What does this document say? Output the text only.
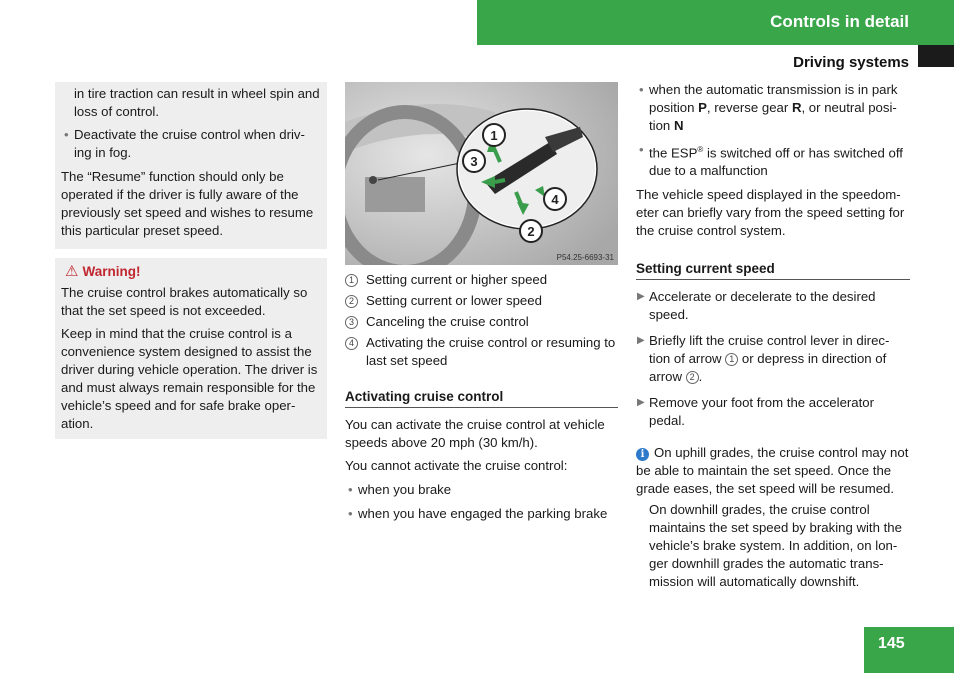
Controls in detail
Driving systems

in tire traction can result in wheel spin and loss of control.

• Deactivate the cruise control when driv-ing in fog.

The “Resume” function should only be operated if the driver is fully aware of the previously set speed and wishes to resume this particular preset speed.

⚠ Warning!

The cruise control brakes automatically so that the set speed is not exceeded.

Keep in mind that the cruise control is a convenience system designed to assist the driver during vehicle operation. The driver is and must always remain responsible for the vehicle’s speed and for safe brake oper-ation.

1
3
4
2
P54.25-6693-31
1 Setting current or higher speed
2 Setting current or lower speed
3 Canceling the cruise control
4 Activating the cruise control or resuming to last set speed
Activating cruise control

You can activate the cruise control at vehicle speeds above 20 mph (30 km/h).

You cannot activate the cruise control:

• when you brake
• when you have engaged the parking brake
• when the automatic transmission is in park position P, reverse gear R, or neutral posi-tion N
• the ESP® is switched off or has switched off due to a malfunction

The vehicle speed displayed in the speedom-eter can briefly vary from the speed setting for the cruise control system.

Setting current speed
▶ Accelerate or decelerate to the desired speed.
▶ Briefly lift the cruise control lever in direc-tion of arrow 1 or depress in direction of arrow 2 .
▶ Remove your foot from the accelerator pedal.

i On uphill grades, the cruise control may not be able to maintain the set speed. Once the grade eases, the set speed will be resumed.

On downhill grades, the cruise control maintains the set speed by braking with the vehicle’s brake system. In addition, on lon-ger downhill grades the automatic trans-mission will automatically downshift.

145
